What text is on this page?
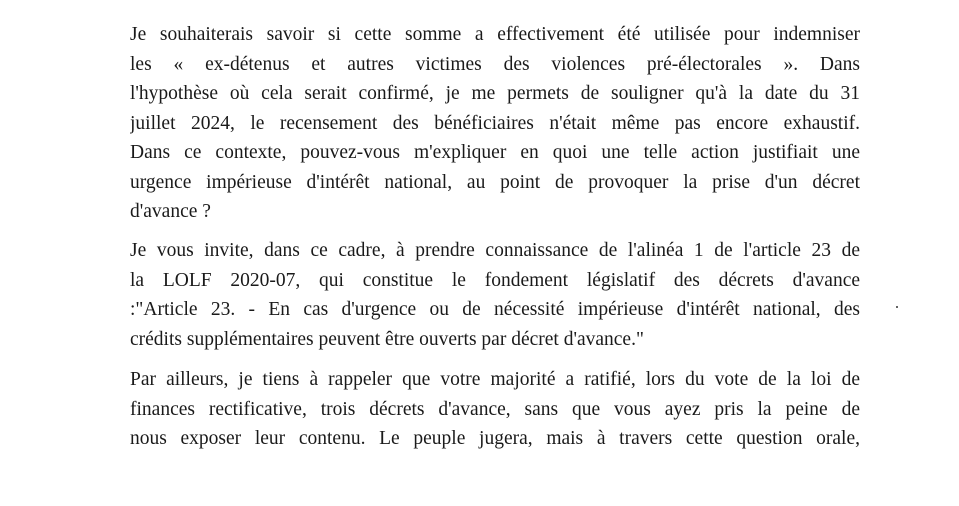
Je souhaiterais savoir si cette somme a effectivement été utilisée pour indemniser
les « ex-détenus et autres victimes des violences pré-électorales ». Dans
l'hypothèse où cela serait confirmé, je me permets de souligner qu'à la date du 31
juillet 2024, le recensement des bénéficiaires n'était même pas encore exhaustif.
Dans ce contexte, pouvez-vous m'expliquer en quoi une telle action justifiait une
urgence impérieuse d'intérêt national, au point de provoquer la prise d'un décret
d'avance ?
Je vous invite, dans ce cadre, à prendre connaissance de l'alinéa 1 de l'article 23 de
la LOLF 2020-07, qui constitue le fondement législatif des décrets d'avance
:"Article 23. - En cas d'urgence ou de nécessité impérieuse d'intérêt national, des
crédits supplémentaires peuvent être ouverts par décret d'avance."
Par ailleurs, je tiens à rappeler que votre majorité a ratifié, lors du vote de la loi de
finances rectificative, trois décrets d'avance, sans que vous ayez pris la peine de
nous exposer leur contenu. Le peuple jugera, mais à travers cette question orale,
